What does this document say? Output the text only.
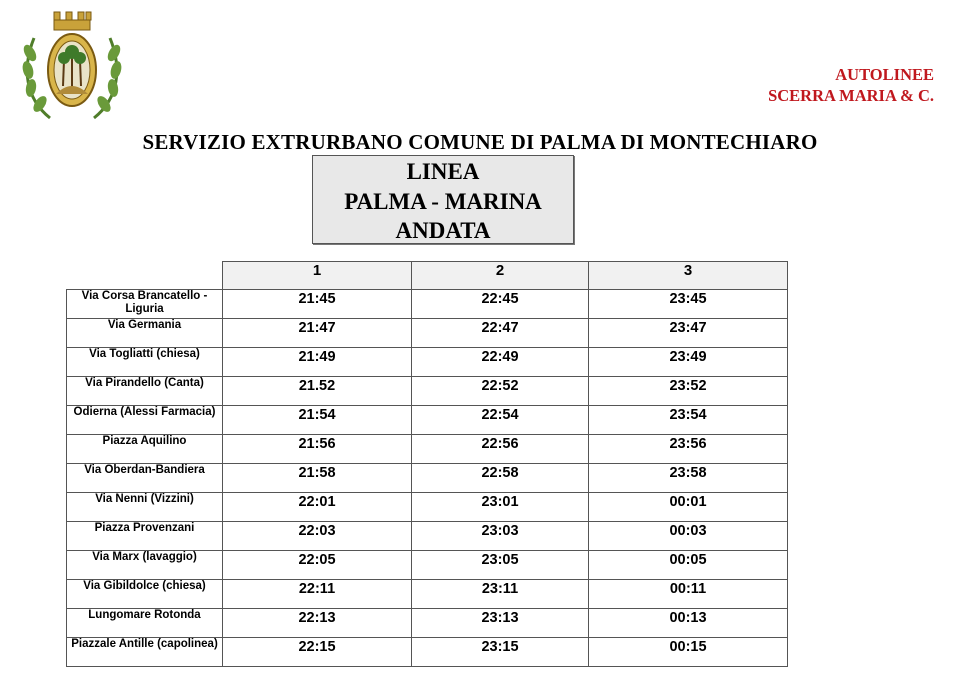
AUTOLINEE
SCERRA MARIA & C.
SERVIZIO EXTRURBANO COMUNE DI PALMA DI MONTECHIARO
LINEA
PALMA - MARINA
ANDATA
	1	2	3
Via Corsa Brancatello - Liguria	21:45	22:45	23:45
Via Germania	21:47	22:47	23:47
Via Togliatti (chiesa)	21:49	22:49	23:49
Via Pirandello (Canta)	21.52	22:52	23:52
Odierna (Alessi Farmacia)	21:54	22:54	23:54
Piazza Aquilino	21:56	22:56	23:56
Via Oberdan-Bandiera	21:58	22:58	23:58
Via Nenni (Vizzini)	22:01	23:01	00:01
Piazza Provenzani	22:03	23:03	00:03
Via Marx (lavaggio)	22:05	23:05	00:05
Via Gibildolce (chiesa)	22:11	23:11	00:11
Lungomare Rotonda	22:13	23:13	00:13
Piazzale Antille (capolinea)	22:15	23:15	00:15
